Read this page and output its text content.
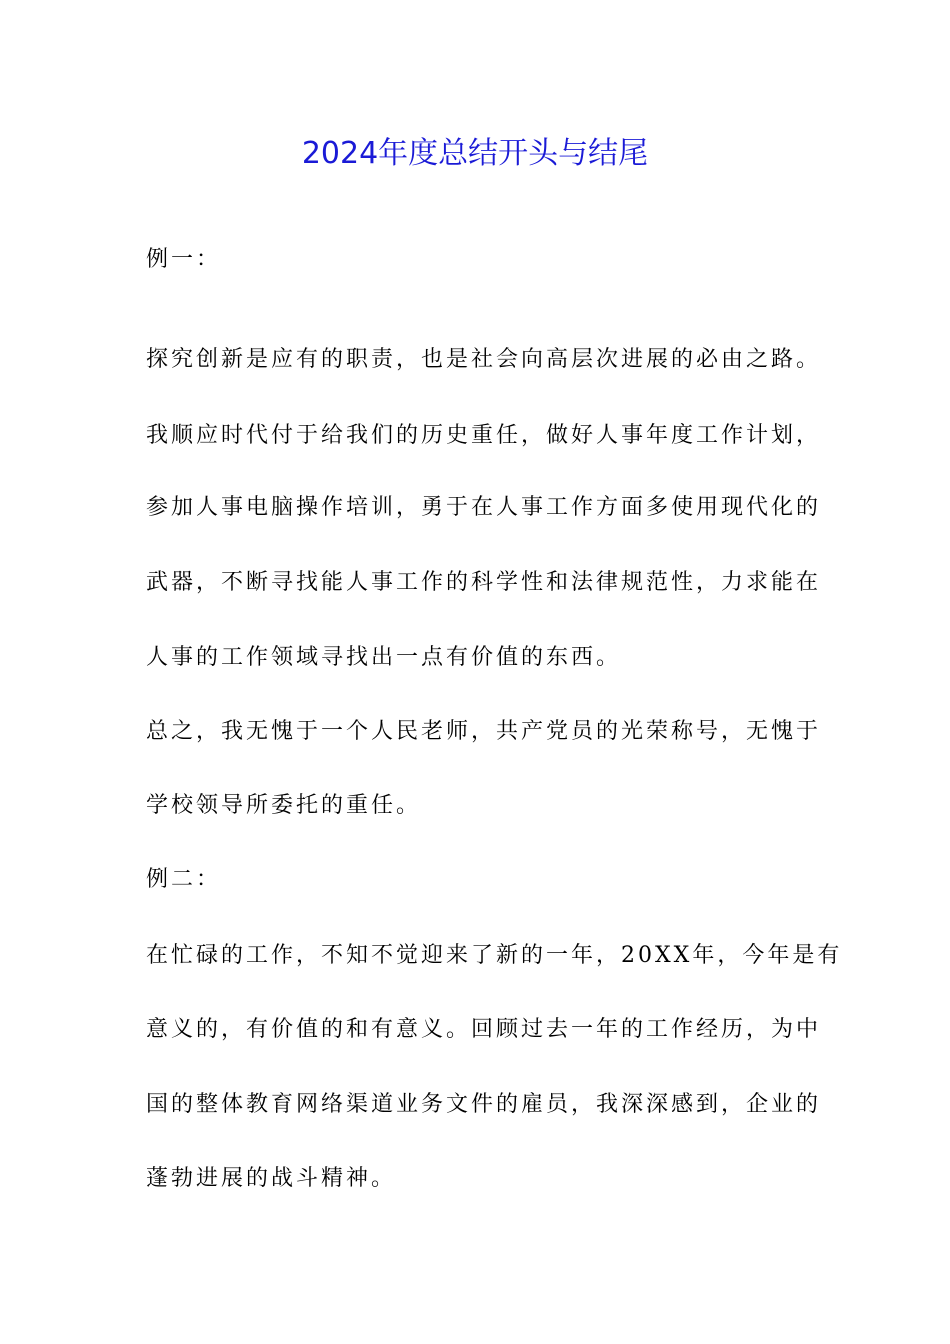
2024年度总结开头与结尾
例一：
探究创新是应有的职责，也是社会向高层次进展的必由之路。
我顺应时代付于给我们的历史重任，做好人事年度工作计划，
参加人事电脑操作培训，勇于在人事工作方面多使用现代化的
武器，不断寻找能人事工作的科学性和法律规范性，力求能在
人事的工作领域寻找出一点有价值的东西。
总之，我无愧于一个人民老师，共产党员的光荣称号，无愧于
学校领导所委托的重任。
例二：
在忙碌的工作，不知不觉迎来了新的一年，20XX年，今年是有
意义的，有价值的和有意义。回顾过去一年的工作经历，为中
国的整体教育网络渠道业务文件的雇员，我深深感到，企业的
蓬勃进展的战斗精神。
